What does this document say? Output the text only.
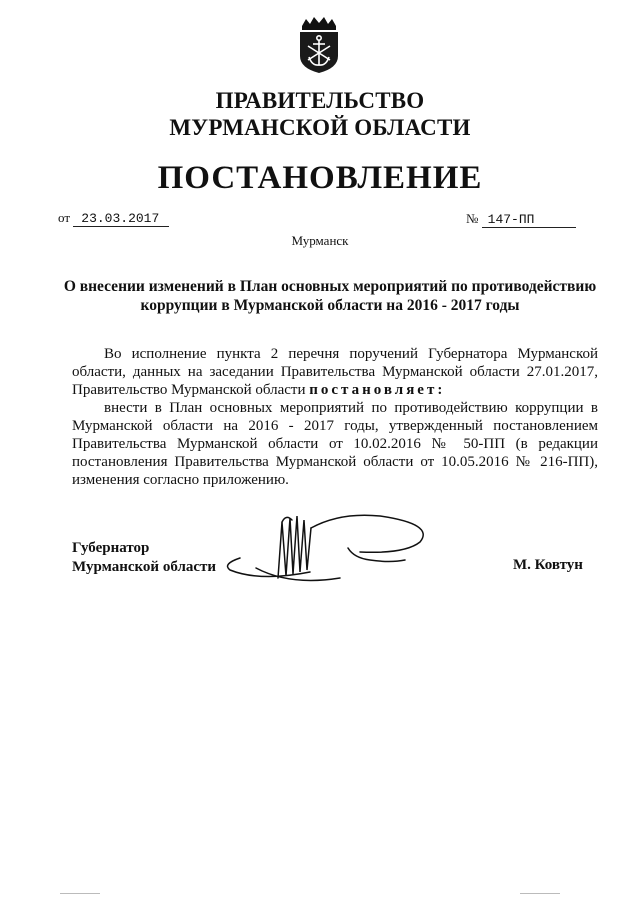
ПРАВИТЕЛЬСТВО
МУРМАНСКОЙ ОБЛАСТИ
ПОСТАНОВЛЕНИЕ
от 23.03.2017	№ 147-ПП
Мурманск
О внесении изменений в План основных мероприятий по противодействию
коррупции в Мурманской области на 2016 - 2017 годы

Во исполнение пункта 2 перечня поручений Губернатора Мурманской области, данных на заседании Правительства Мурманской области 27.01.2017, Правительство Мурманской области постановляет:

внести в План основных мероприятий по противодействию коррупции в Мурманской области на 2016 - 2017 годы, утвержденный постановлением Правительства Мурманской области от 10.02.2016 № 50-ПП (в редакции постановления Правительства Мурманской области от 10.05.2016 № 216-ПП), изменения согласно приложению.

Губернатор
Мурманской области	М. Ковтун
